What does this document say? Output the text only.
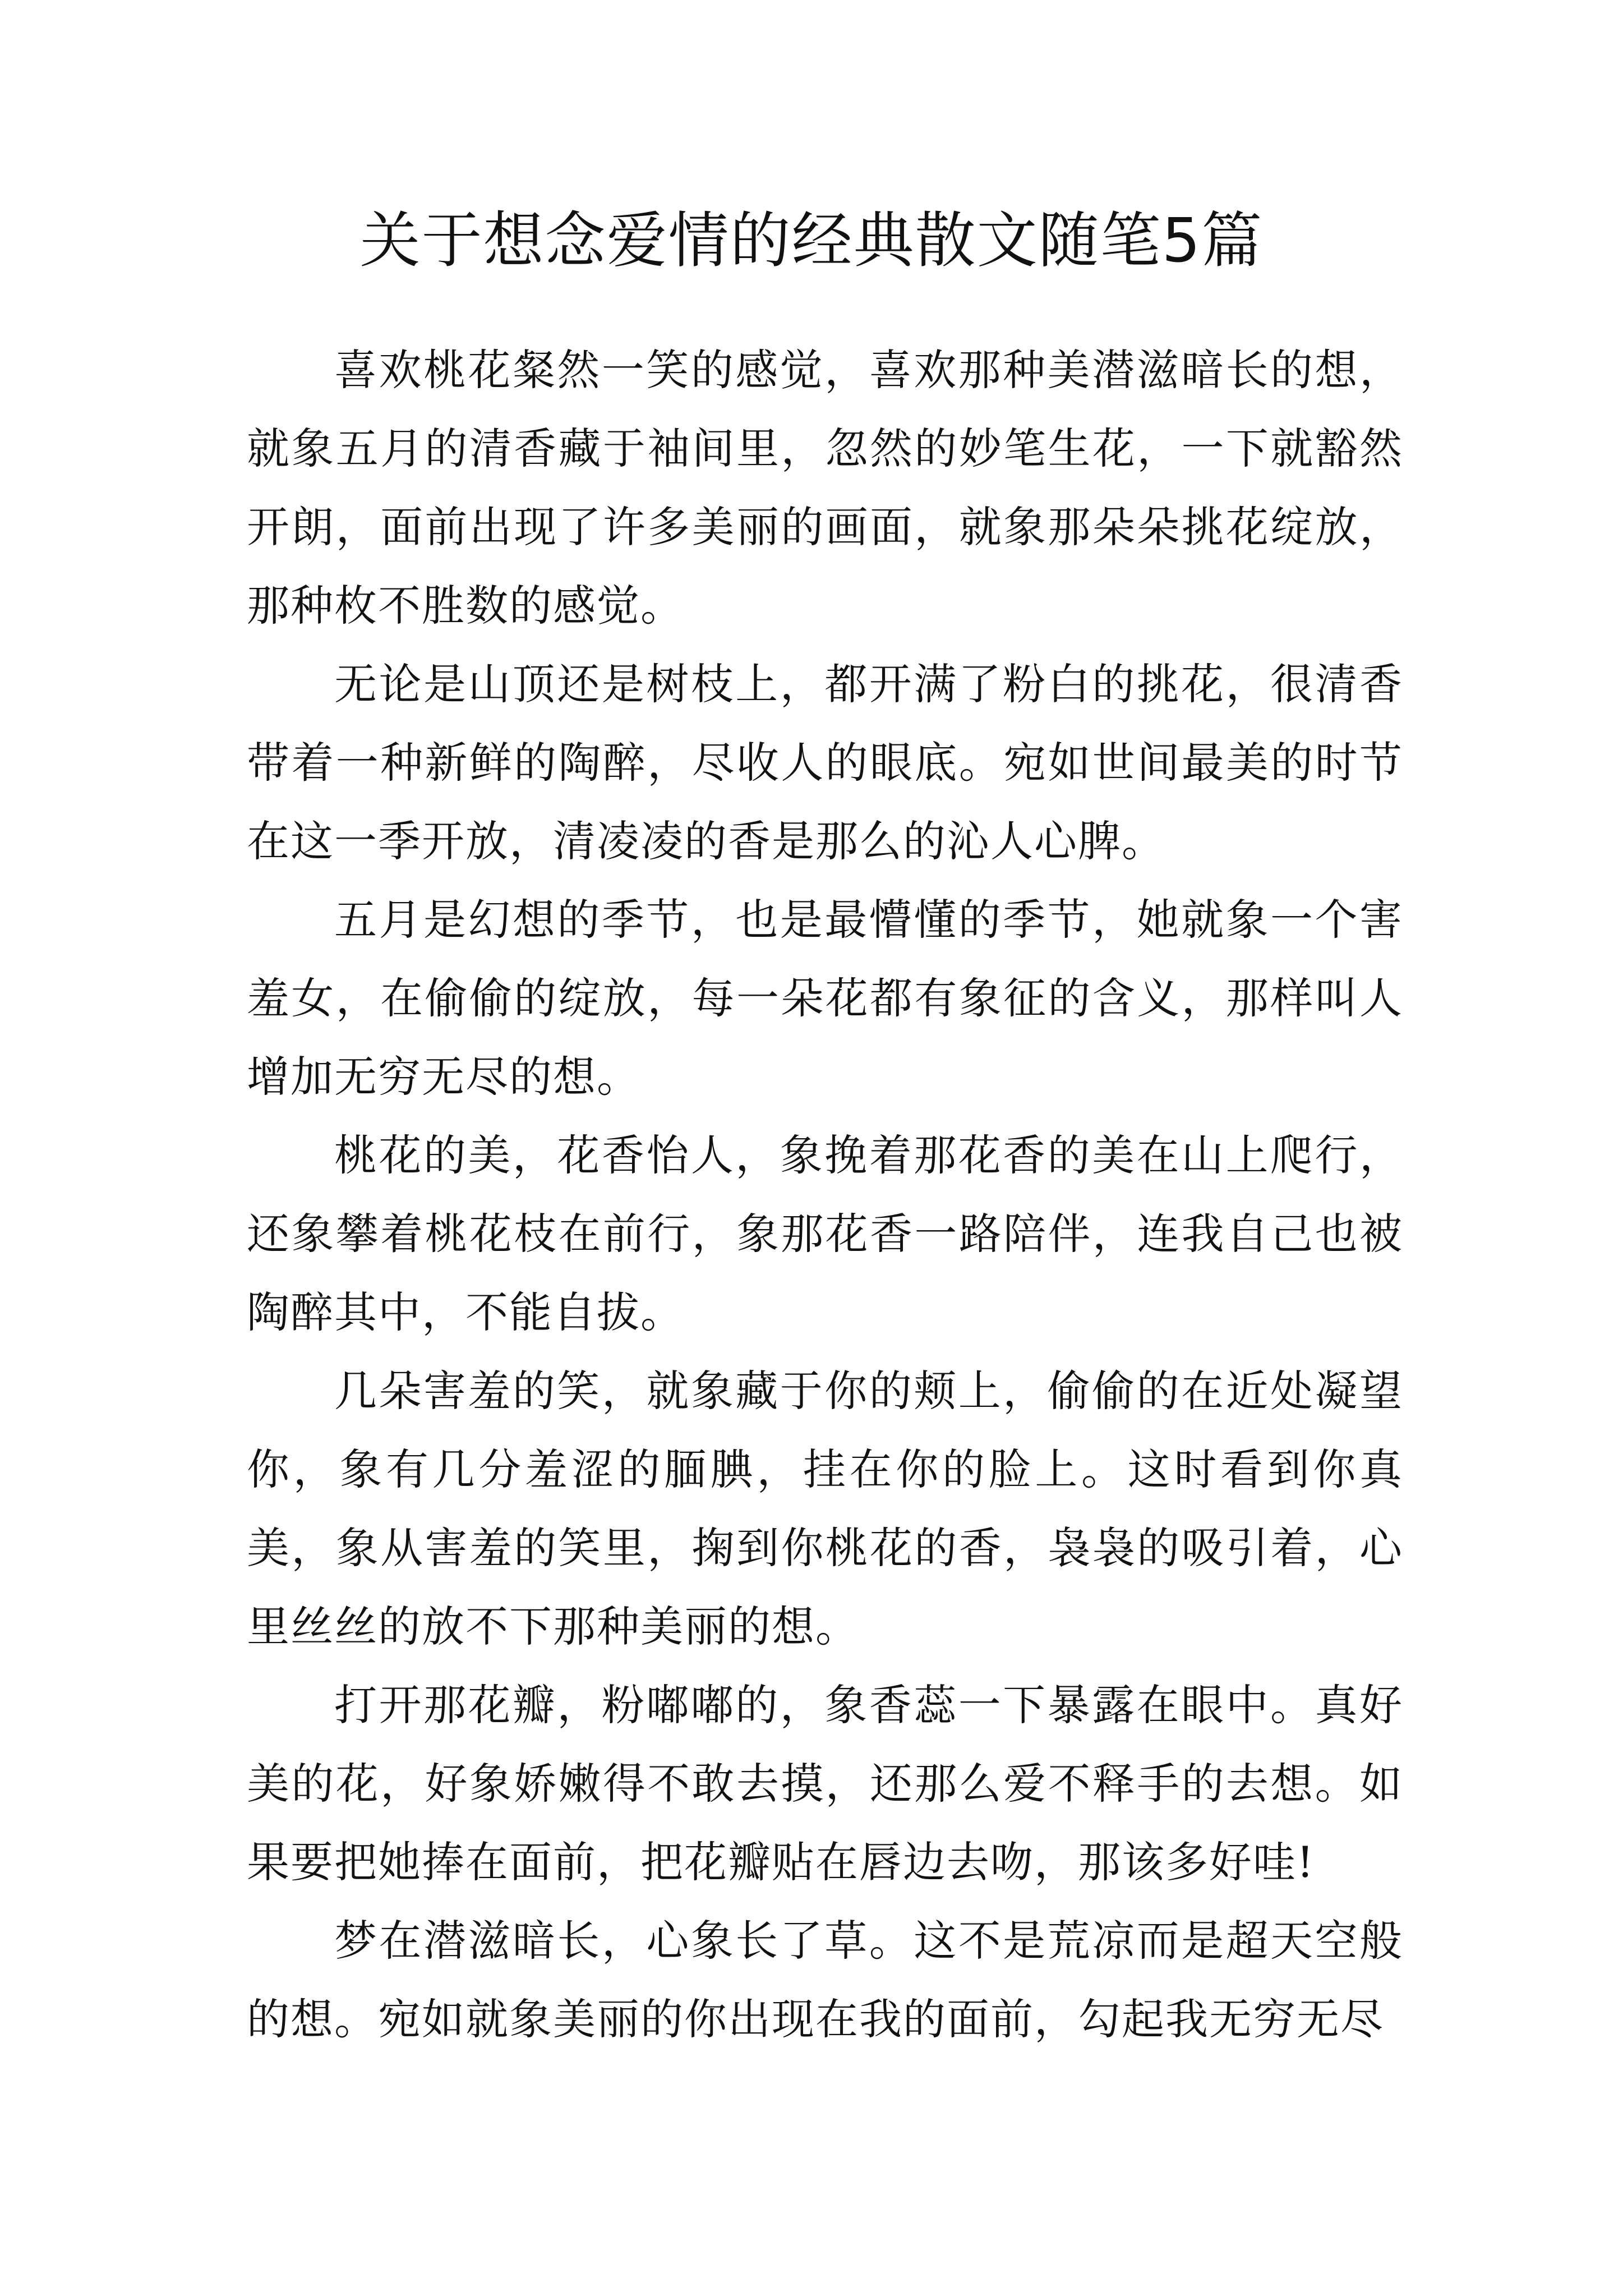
关于想念爱情的经典散文随笔5篇

喜欢桃花粲然一笑的感觉，喜欢那种美潜滋暗长的想，就象五月的清香藏于袖间里，忽然的妙笔生花，一下就豁然开朗，面前出现了许多美丽的画面，就象那朵朵挑花绽放，那种枚不胜数的感觉。

无论是山顶还是树枝上，都开满了粉白的挑花，很清香带着一种新鲜的陶醉，尽收人的眼底。宛如世间最美的时节在这一季开放，清凌凌的香是那么的沁人心脾。

五月是幻想的季节，也是最懵懂的季节，她就象一个害羞女，在偷偷的绽放，每一朵花都有象征的含义，那样叫人增加无穷无尽的想。

桃花的美，花香怡人，象挽着那花香的美在山上爬行，还象攀着桃花枝在前行，象那花香一路陪伴，连我自己也被陶醉其中，不能自拔。

几朵害羞的笑，就象藏于你的颊上，偷偷的在近处凝望你，象有几分羞涩的腼腆，挂在你的脸上。这时看到你真美，象从害羞的笑里，掬到你桃花的香，袅袅的吸引着，心里丝丝的放不下那种美丽的想。

打开那花瓣，粉嘟嘟的，象香蕊一下暴露在眼中。真好美的花，好象娇嫩得不敢去摸，还那么爱不释手的去想。如果要把她捧在面前，把花瓣贴在唇边去吻，那该多好哇!

梦在潜滋暗长，心象长了草。这不是荒凉而是超天空般的想。宛如就象美丽的你出现在我的面前，勾起我无穷无尽
